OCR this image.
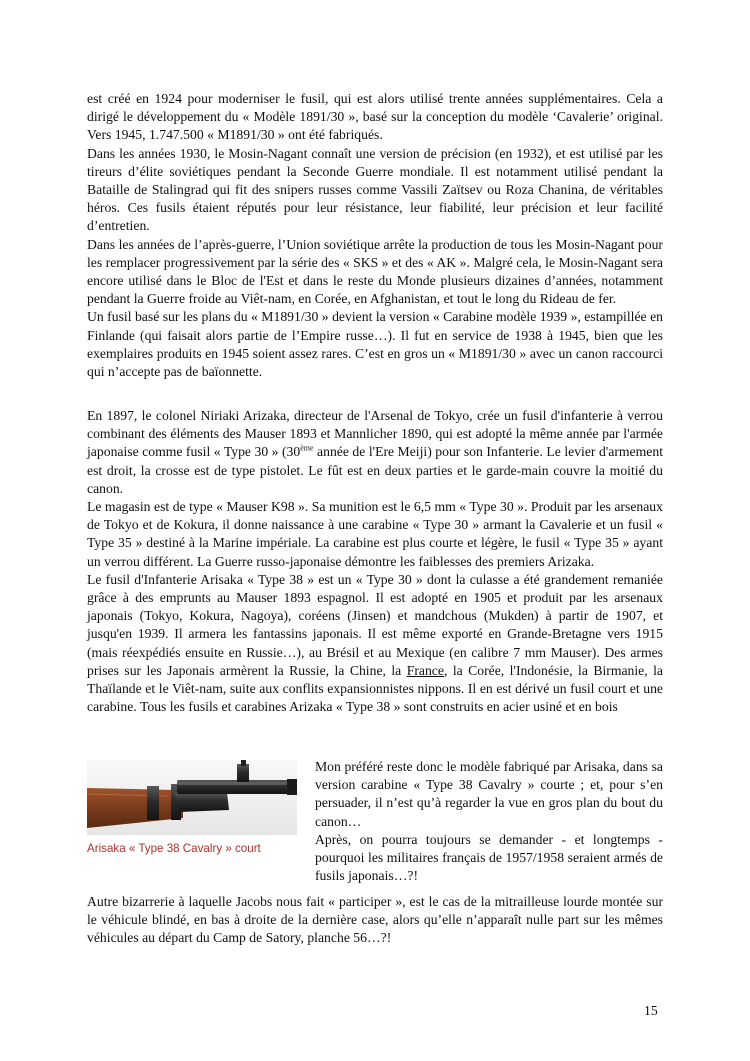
est créé en 1924 pour moderniser le fusil, qui est alors utilisé trente années supplémentaires. Cela a dirigé le développement du « Modèle 1891/30 », basé sur la conception du modèle ‘Cavalerie’ original. Vers 1945, 1.747.500 « M1891/30 » ont été fabriqués.

Dans les années 1930, le Mosin-Nagant connaît une version de précision (en 1932), et est utilisé par les tireurs d’élite soviétiques pendant la Seconde Guerre mondiale. Il est notamment utilisé pendant la Bataille de Stalingrad qui fit des snipers russes comme Vassili Zaïtsev ou Roza Chanina, de véritables héros. Ces fusils étaient réputés pour leur résistance, leur fiabilité, leur précision et leur facilité d’entretien.

Dans les années de l’après-guerre, l’Union soviétique arrête la production de tous les Mosin-Nagant pour les remplacer progressivement par la série des « SKS » et des « AK ». Malgré cela, le Mosin-Nagant sera encore utilisé dans le Bloc de l'Est et dans le reste du Monde plusieurs dizaines d’années, notamment pendant la Guerre froide au Viêt-nam, en Corée, en Afghanistan, et tout le long du Rideau de fer.

Un fusil basé sur les plans du « M1891/30 » devient la version « Carabine modèle 1939 », estampillée en Finlande (qui faisait alors partie de l’Empire russe…). Il fut en service de 1938 à 1945, bien que les exemplaires produits en 1945 soient assez rares. C’est en gros un « M1891/30 » avec un canon raccourci qui n’accepte pas de baïonnette.

En 1897, le colonel Niriaki Arizaka, directeur de l'Arsenal de Tokyo, crée un fusil d'infanterie à verrou combinant des éléments des Mauser 1893 et Mannlicher 1890, qui est adopté la même année par l'armée japonaise comme fusil « Type 30 » (30ème année de l'Ere Meiji) pour son Infanterie. Le levier d'armement est droit, la crosse est de type pistolet. Le fût est en deux parties et le garde-main couvre la moitié du canon.

Le magasin est de type « Mauser K98 ». Sa munition est le 6,5 mm « Type 30 ». Produit par les arsenaux de Tokyo et de Kokura, il donne naissance à une carabine « Type 30 » armant la Cavalerie et un fusil « Type 35 » destiné à la Marine impériale. La carabine est plus courte et légère, le fusil « Type 35 » ayant un verrou différent. La Guerre russo-japonaise démontre les faiblesses des premiers Arizaka.

Le fusil d'Infanterie Arisaka « Type 38 » est un « Type 30 » dont la culasse a été grandement remaniée grâce à des emprunts au Mauser 1893 espagnol. Il est adopté en 1905 et produit par les arsenaux japonais (Tokyo, Kokura, Nagoya), coréens (Jinsen) et mandchous (Mukden) à partir de 1907, et jusqu'en 1939. Il armera les fantassins japonais. Il est même exporté en Grande-Bretagne vers 1915 (mais réexpédiés ensuite en Russie…), au Brésil et au Mexique (en calibre 7 mm Mauser). Des armes prises sur les Japonais armèrent la Russie, la Chine, la France, la Corée, l'Indonésie, la Birmanie, la Thaïlande et le Viêt-nam, suite aux conflits expansionnistes nippons. Il en est dérivé un fusil court et une carabine. Tous les fusils et carabines Arizaka « Type 38 » sont construits en acier usiné et en bois

Arisaka « Type 38 Cavalry » court

Mon préféré reste donc le modèle fabriqué par Arisaka, dans sa version carabine « Type 38 Cavalry » courte ; et, pour s’en persuader, il n’est qu’à regarder la vue en gros plan du bout du canon…

Après, on pourra toujours se demander - et longtemps - pourquoi les militaires français de 1957/1958 seraient armés de fusils japonais…?!

Autre bizarrerie à laquelle Jacobs nous fait « participer », est le cas de la mitrailleuse lourde montée sur le véhicule blindé, en bas à droite de la dernière case, alors qu’elle n’apparaît nulle part sur les mêmes véhicules au départ du Camp de Satory, planche 56…?!

15
